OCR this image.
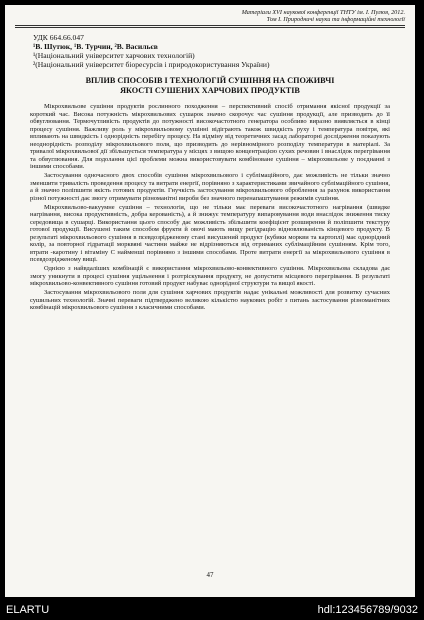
Матеріали XVI наукової конференції ТНТУ ім. І. Пулюя, 2012.
Том І. Природничі науки та інформаційні технології
УДК 664.66.047
¹В. Шутюк, ¹В. Турчин, ²В. Васильєв
¹(Національний університет харчових технологій)
²(Національний університет біоресурсів і природокористування України)
ВПЛИВ СПОСОБІВ І ТЕХНОЛОГІЙ СУШІННЯ НА СПОЖИВЧІ
ЯКОСТІ СУШЕНИХ ХАРЧОВИХ ПРОДУКТІВ

Мікрохвильове сушіння продуктів рослинного походження – перспективний спосіб отримання якісної продукції за короткий час. Висока потужність мікрохвильових сушарок значно скорочує час сушіння продукції, але призводить до її обвуглювання. Термочутливість продуктів до потужності високочастотного генератора особливо виразно виявляється в кінці процесу сушіння. Важливу роль у мікрохвильовому сушінні відіграють також швидкість руху і температура повітря, які впливають на швидкість і однорідність перебігу процесу. На відміну від теоретичних засад лабораторні дослідження показують неоднорідність розподілу мікрохвильового поля, що призводить до нерівномірного розподілу температури в матеріалі. За тривалої мікрохвильової дії збільшується температура у місцях з вищою концентрацією сухих речовин і внаслідок перегрівання та обвуглювання. Для подолання цієї проблеми можна використовувати комбіноване сушіння – мікрохвильове у поєднанні з іншими способами.

Застосування одночасного двох способів сушіння мікрохвильового і сублімаційного, дає можливість не тільки значно зменшити тривалість проведення процесу та витрати енергії, порівняно з характеристиками звичайного сублімаційного сушіння, а й значно поліпшити якість готових продуктів. Гнучкість застосування мікрохвильового оброблення за рахунок використання різної потужності дає змогу отримувати різноманітні вироби без значного перенапаштування режимів сушіння.

Мікрохвильово-вакуумне сушіння – технологія, що не тільки має переваги високочастотного нагрівання (швидке нагрівання, висока продуктивність, добра керованість), а й знижує температуру випаровування води внаслідок зниження тиску середовища в сушарці. Використання цього способу дає можливість збільшити коефіцієнт розширення й поліпшити текстуру готової продукції. Висушені таким способом фрукти й овочі мають вищу регідрацію відновлюваність кінцевого продукту. В результаті мікрохвильового сушіння в псевдозрідженому стані висушений продукт (кубики моркви та картоплі) має однорідний колір, за повторної гідратації морквяні частини майже не відрізняються від отриманих сублімаційним сушінням. Крім того, втрати -каротину і вітаміну С найменші порівняно з іншими способами. Проте витрати енергії за мікрохвильового сушіння в псевдозрідженому вищі.

Однією з найвдаліших комбінацій є використання мікрохвильово-конвективного сушіння. Мікрохвильова складова дає змогу уникнути в процесі сушіння ущільнення і розтріскування продукту, не допустити місцевого перегрівання. В результаті мікрохвильово-конвективного сушіння готовий продукт набуває однорідної структури та вищої якості.

Застосування мікрохвильового поля для сушіння харчових продуктів надає унікальні можливості для розвитку сучасних сушильних технологій. Значні переваги підтверджено великою кількістю наукових робіт з питань застосування різноманітних комбінацій мікрохвильового сушіння з класичними способами.

47
ELARTU	hdl:123456789/9032
